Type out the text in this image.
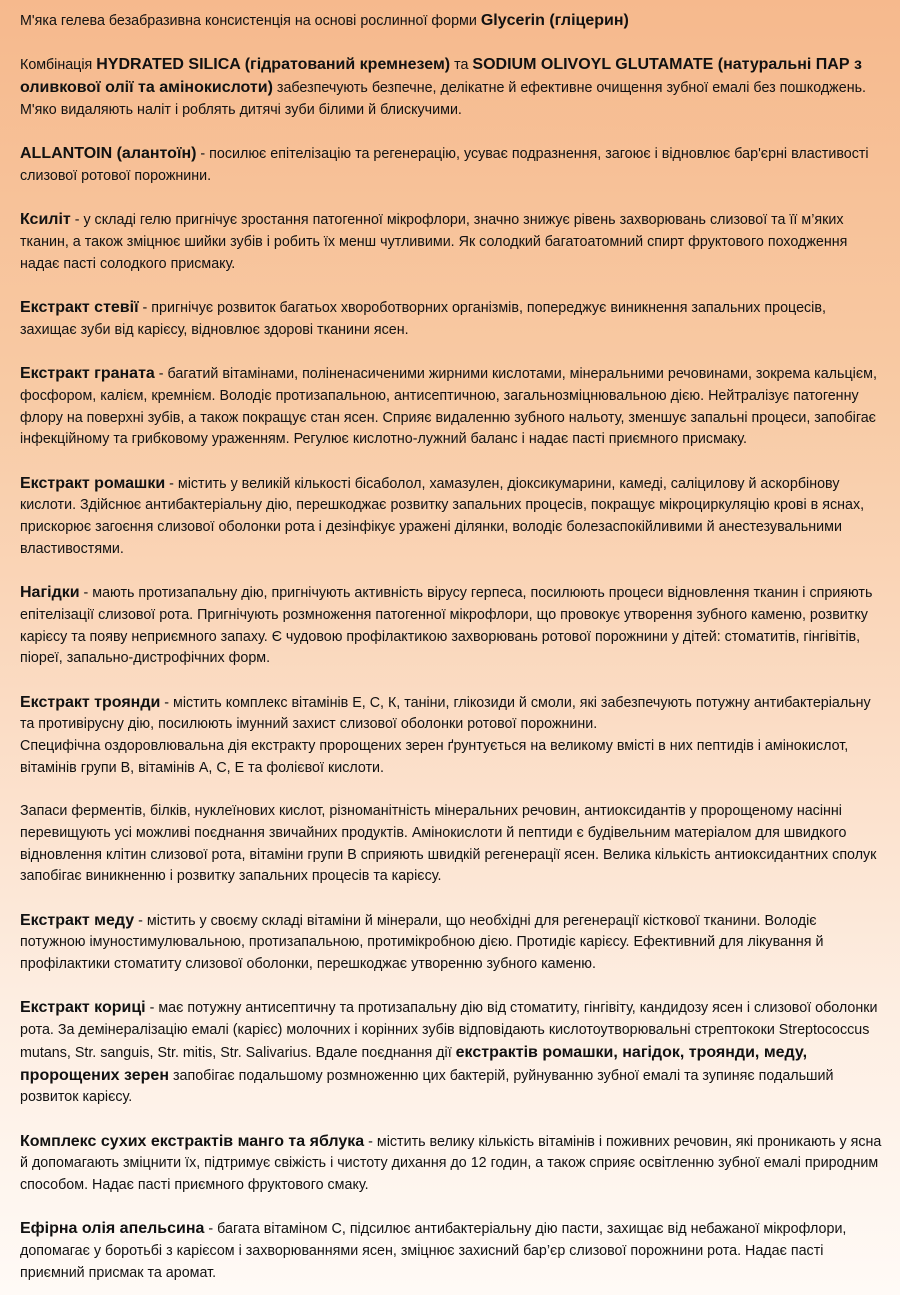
М'яка гелева безабразивна консистенція на основі рослинної форми Glycerin (гліцерин)

Комбінація HYDRATED SILICA (гідратований кремнезем) та SODIUM OLIVOYL GLUTAMATE (натуральні ПАР з оливкової олії та амінокислоти) забезпечують безпечне, делікатне й ефективне очищення зубної емалі без пошкоджень. М'яко видаляють наліт і роблять дитячі зуби білими й блискучими.

ALLANTOIN (алантоїн) - посилює епітелізацію та регенерацію, усуває подразнення, загоює і відновлює бар'єрні властивості слизової ротової порожнини.

Ксиліт - у складі гелю пригнічує зростання патогенної мікрофлори, значно знижує рівень захворювань слизової та її м’яких тканин, а також зміцнює шийки зубів і робить їх менш чутливими. Як солодкий багатоатомний спирт фруктового походження надає пасті солодкого присмаку.

Екстракт стевії - пригнічує розвиток багатьох хвороботворних організмів, попереджує виникнення запальних процесів, захищає зуби від карієсу, відновлює здорові тканини ясен.

Екстракт граната - багатий вітамінами, поліненасиченими жирними кислотами, мінеральними речовинами, зокрема кальцієм, фосфором, калієм, кремнієм. Володіє протизапальною, антисептичною, загальнозміцнювальною дією. Нейтралізує патогенну флору на поверхні зубів, а також покращує стан ясен. Сприяє видаленню зубного нальоту, зменшує запальні процеси, запобігає інфекційному та грибковому ураженням. Регулює кислотно-лужний баланс і надає пасті приємного присмаку.

Екстракт ромашки - містить у великій кількості бісаболол, хамазулен, діоксикумарини, камеді, саліцилову й аскорбінову кислоти. Здійснює антибактеріальну дію, перешкоджає розвитку запальних процесів, покращує мікроциркуляцію крові в яснах, прискорює загоєння слизової оболонки рота і дезінфікує уражені ділянки, володіє болезаспокійливими й анестезувальними властивостями.

Нагідки - мають протизапальну дію, пригнічують активність вірусу герпеса, посилюють процеси відновлення тканин і сприяють епітелізації слизової рота. Пригнічують розмноження патогенної мікрофлори, що провокує утворення зубного каменю, розвитку карієсу та появу неприємного запаху. Є чудовою профілактикою захворювань ротової порожнини у дітей: стоматитів, гінгівітів, піореї, запально-дистрофічних форм.

Екстракт троянди - містить комплекс вітамінів Е, С, К, таніни, глікозиди й смоли, які забезпечують потужну антибактеріальну та противірусну дію, посилюють імунний захист слизової оболонки ротової порожнини.
Специфічна оздоровлювальна дія екстракту пророщених зерен ґрунтується на великому вмісті в них пептидів і амінокислот, вітамінів групи В, вітамінів А, С, Е та фолієвої кислоти.

Запаси ферментів, білків, нуклеїнових кислот, різноманітність мінеральних речовин, антиоксидантів у пророщеному насінні перевищують усі можливі поєднання звичайних продуктів. Амінокислоти й пептиди є будівельним матеріалом для швидкого відновлення клітин слизової рота, вітаміни групи В сприяють швидкій регенерації ясен. Велика кількість антиоксидантних сполук запобігає виникненню і розвитку запальних процесів та карієсу.

Екстракт меду - містить у своєму складі вітаміни й мінерали, що необхідні для регенерації кісткової тканини. Володіє потужною імуностимулювальною, протизапальною, протимікробною дією. Протидіє карієсу. Ефективний для лікування й профілактики стоматиту слизової оболонки, перешкоджає утворенню зубного каменю.

Екстракт кориці - має потужну антисептичну та протизапальну дію від стоматиту, гінгівіту, кандидозу ясен і слизової оболонки рота. За демінералізацію емалі (карієс) молочних і корінних зубів відповідають кислотоутворювальні стрептококи Streptococcus mutans, Str. sanguis, Str. mitis, Str. Salivarius. Вдале поєднання дії екстрактів ромашки, нагідок, троянди, меду, пророщених зерен запобігає подальшому розмноженню цих бактерій, руйнуванню зубної емалі та зупиняє подальший розвиток карієсу.

Комплекс сухих екстрактів манго та яблука - містить велику кількість вітамінів і поживних речовин, які проникають у ясна й допомагають зміцнити їх, підтримує свіжість і чистоту дихання до 12 годин, а також сприяє освітленню зубної емалі природним способом. Надає пасті приємного фруктового смаку.

Ефірна олія апельсина - багата вітаміном С, підсилює антибактеріальну дію пасти, захищає від небажаної мікрофлори, допомагає у боротьбі з карієсом і захворюваннями ясен, зміцнює захисний бар’єр слизової порожнини рота. Надає пасті приємний присмак та аромат.
